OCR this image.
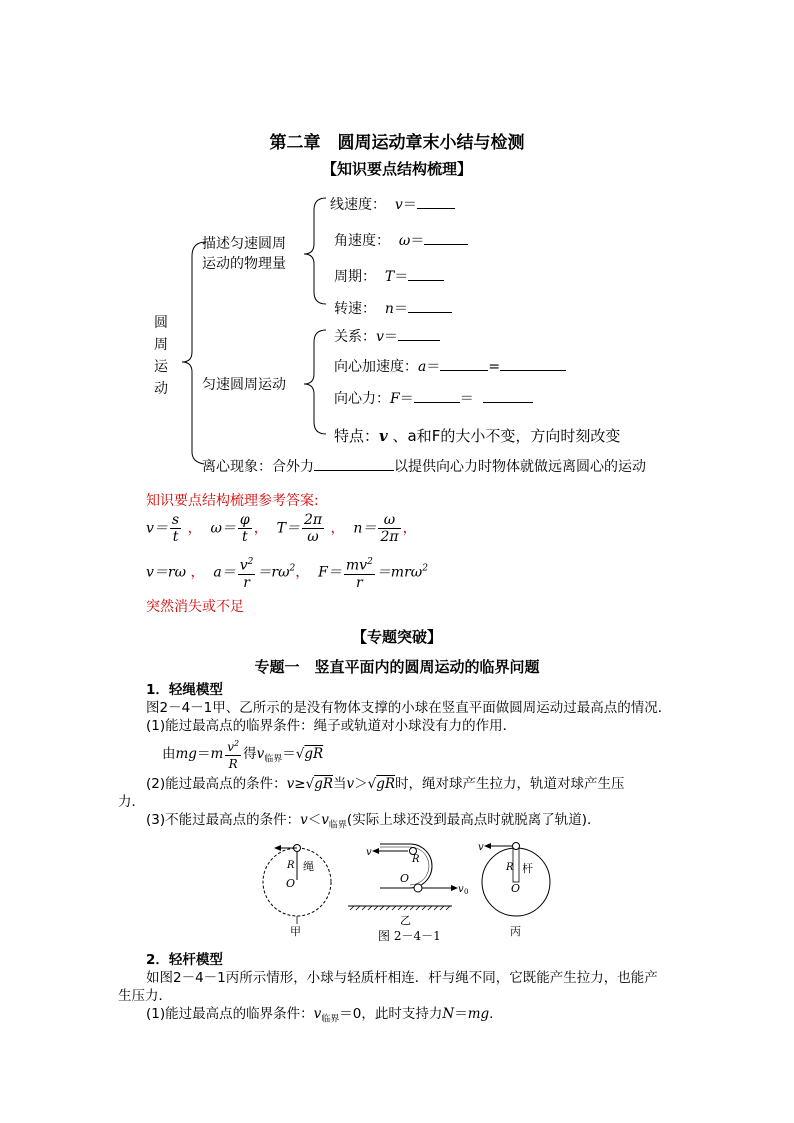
第二章　圆周运动章末小结与检测
【知识要点结构梳理】
圆
周
运
动
描述匀速圆周
运动的物理量
线速度： v＝
角速度： ω＝
周期： T＝
转速： n＝
匀速圆周运动
关系：v＝
向心加速度：a＝	=
向心力：F＝	＝
特点：v 、a和F的大小不变，方向时刻改变
离心现象：合外力	以提供向心力时物体就做远离圆心的运动
知识要点结构梳理参考答案:
$v= \frac{s}{t}$ ， $\omega= \frac{\varphi}{t}$ ， $T= \frac{2\pi}{\omega}$ ， $n= \frac{\omega}{2\pi}$ ，
v＝rω ， $a= \frac{v^2}{r} =r\omega^2$， $F= \frac{mv^2}{r} =mr\omega^2$
突然消失或不足
【专题突破】
专题一　竖直平面内的圆周运动的临界问题
1．轻绳模型
图2－4－1甲、乙所示的是没有物体支撑的小球在竖直平面做圆周运动过最高点的情况．
(1)能过最高点的临界条件：绳子或轨道对小球没有力的作用．
由$mg=m \frac{v^2}{R}$ 得$v_{临界}=√gR$
(2)能过最高点的条件：v≥√gR当v＞√gR时，绳对球产生拉力，轨道对球产生压
力．
(3)不能过最高点的条件：$v<v_{临界}$(实际上球还没到最高点时就脱离了轨道)．
R 绳
O
甲
v
R
O
v 0
乙
v
R 杆
O
丙
图 2－4－1
2．轻杆模型
如图2－4－1丙所示情形，小球与轻质杆相连．杆与绳不同，它既能产生拉力，也能产
生压力．
(1)能过最高点的临界条件：$v_{临界}=0$，此时支持力N＝mg.
